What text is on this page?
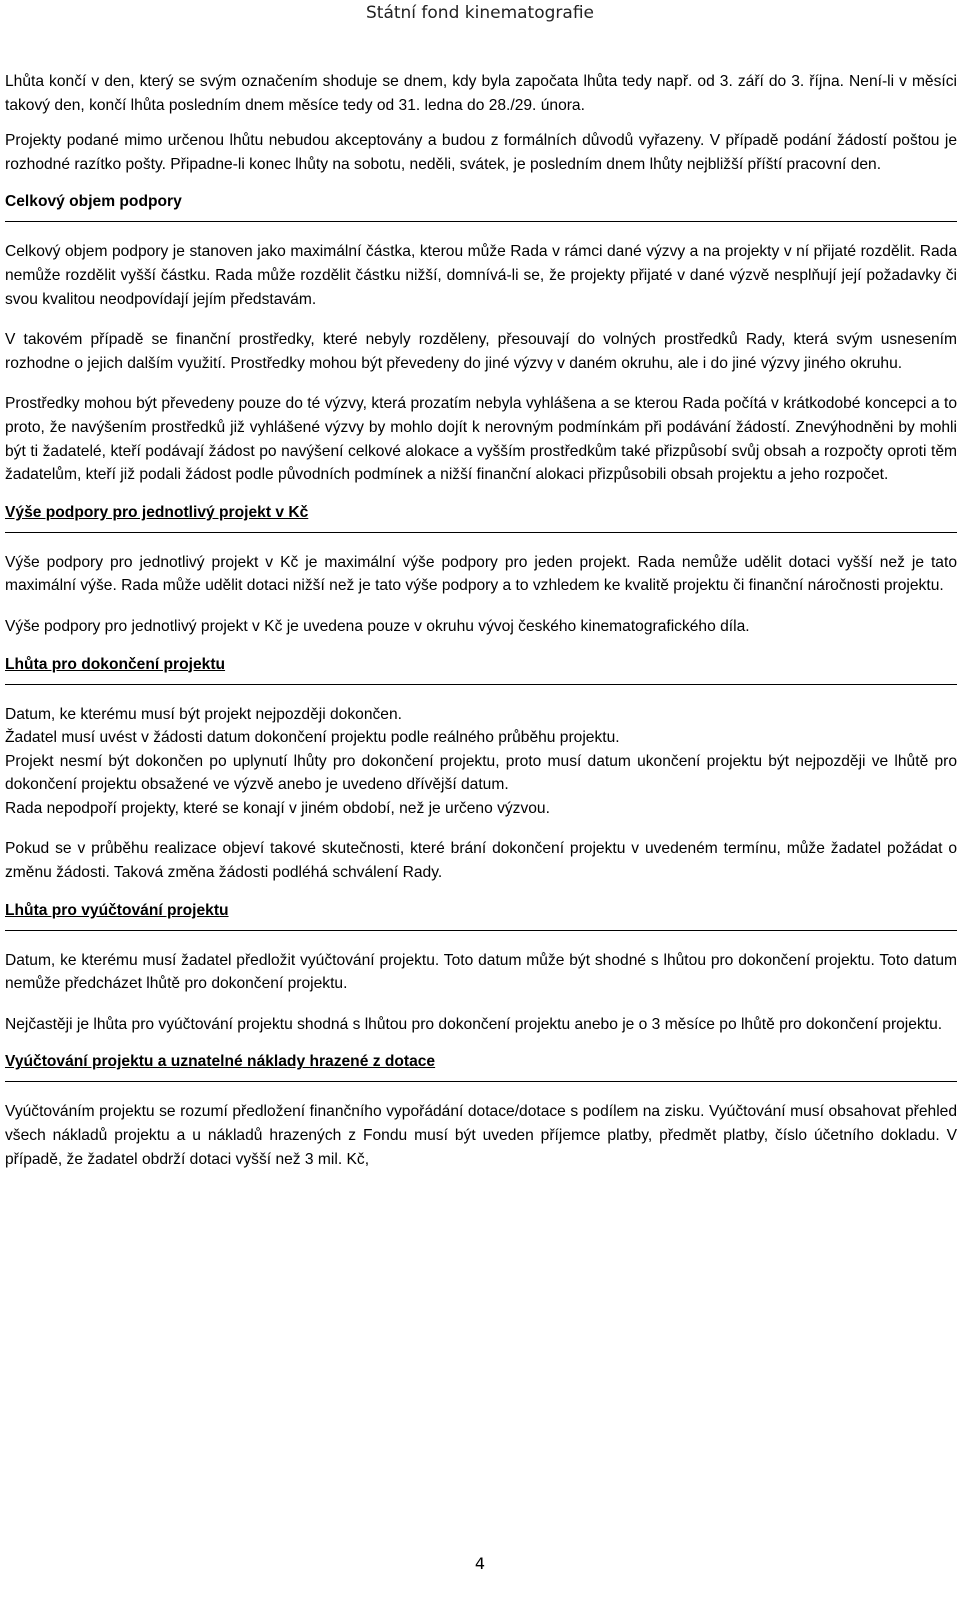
Státní fond kinematografie

Lhůta končí v den, který se svým označením shoduje se dnem, kdy byla započata lhůta tedy např. od 3. září do 3. října. Není-li v měsíci takový den, končí lhůta posledním dnem měsíce tedy od 31. ledna do 28./29. února.

Projekty podané mimo určenou lhůtu nebudou akceptovány a budou z formálních důvodů vyřazeny. V případě podání žádostí poštou je rozhodné razítko pošty. Připadne-li konec lhůty na sobotu, neděli, svátek, je posledním dnem lhůty nejbližší příští pracovní den.

Celkový objem podpory

Celkový objem podpory je stanoven jako maximální částka, kterou může Rada v rámci dané výzvy a na projekty v ní přijaté rozdělit. Rada nemůže rozdělit vyšší částku. Rada může rozdělit částku nižší, domnívá-li se, že projekty přijaté v dané výzvě nesplňují její požadavky či svou kvalitou neodpovídají jejím představám.

V takovém případě se finanční prostředky, které nebyly rozděleny, přesouvají do volných prostředků Rady, která svým usnesením rozhodne o jejich dalším využití. Prostředky mohou být převedeny do jiné výzvy v daném okruhu, ale i do jiné výzvy jiného okruhu.

Prostředky mohou být převedeny pouze do té výzvy, která prozatím nebyla vyhlášena a se kterou Rada počítá v krátkodobé koncepci a to proto, že navýšením prostředků již vyhlášené výzvy by mohlo dojít k nerovným podmínkám při podávání žádostí. Znevýhodněni by mohli být ti žadatelé, kteří podávají žádost po navýšení celkové alokace a vyšším prostředkům také přizpůsobí svůj obsah a rozpočty oproti těm žadatelům, kteří již podali žádost podle původních podmínek a nižší finanční alokaci přizpůsobili obsah projektu a jeho rozpočet.

Výše podpory pro jednotlivý projekt v Kč

Výše podpory pro jednotlivý projekt v Kč je maximální výše podpory pro jeden projekt. Rada nemůže udělit dotaci vyšší než je tato maximální výše. Rada může udělit dotaci nižší než je tato výše podpory a to vzhledem ke kvalitě projektu či finanční náročnosti projektu.

Výše podpory pro jednotlivý projekt v Kč je uvedena pouze v okruhu vývoj českého kinematografického díla.

Lhůta pro dokončení projektu

Datum, ke kterému musí být projekt nejpozději dokončen.

Žadatel musí uvést v žádosti datum dokončení projektu podle reálného průběhu projektu.

Projekt nesmí být dokončen po uplynutí lhůty pro dokončení projektu, proto musí datum ukončení projektu být nejpozději ve lhůtě pro dokončení projektu obsažené ve výzvě anebo je uvedeno dřívější datum.

Rada nepodpoří projekty, které se konají v jiném období, než je určeno výzvou.

Pokud se v průběhu realizace objeví takové skutečnosti, které brání dokončení projektu v uvedeném termínu, může žadatel požádat o změnu žádosti. Taková změna žádosti podléhá schválení Rady.

Lhůta pro vyúčtování projektu

Datum, ke kterému musí žadatel předložit vyúčtování projektu. Toto datum může být shodné s lhůtou pro dokončení projektu. Toto datum nemůže předcházet lhůtě pro dokončení projektu.

Nejčastěji je lhůta pro vyúčtování projektu shodná s lhůtou pro dokončení projektu anebo je o 3 měsíce po lhůtě pro dokončení projektu.

Vyúčtování projektu a uznatelné náklady hrazené z dotace

Vyúčtováním projektu se rozumí předložení finančního vypořádání dotace/dotace s podílem na zisku. Vyúčtování musí obsahovat přehled všech nákladů projektu a u nákladů hrazených z Fondu musí být uveden příjemce platby, předmět platby, číslo účetního dokladu. V případě, že žadatel obdrží dotaci vyšší než 3 mil. Kč,

4
